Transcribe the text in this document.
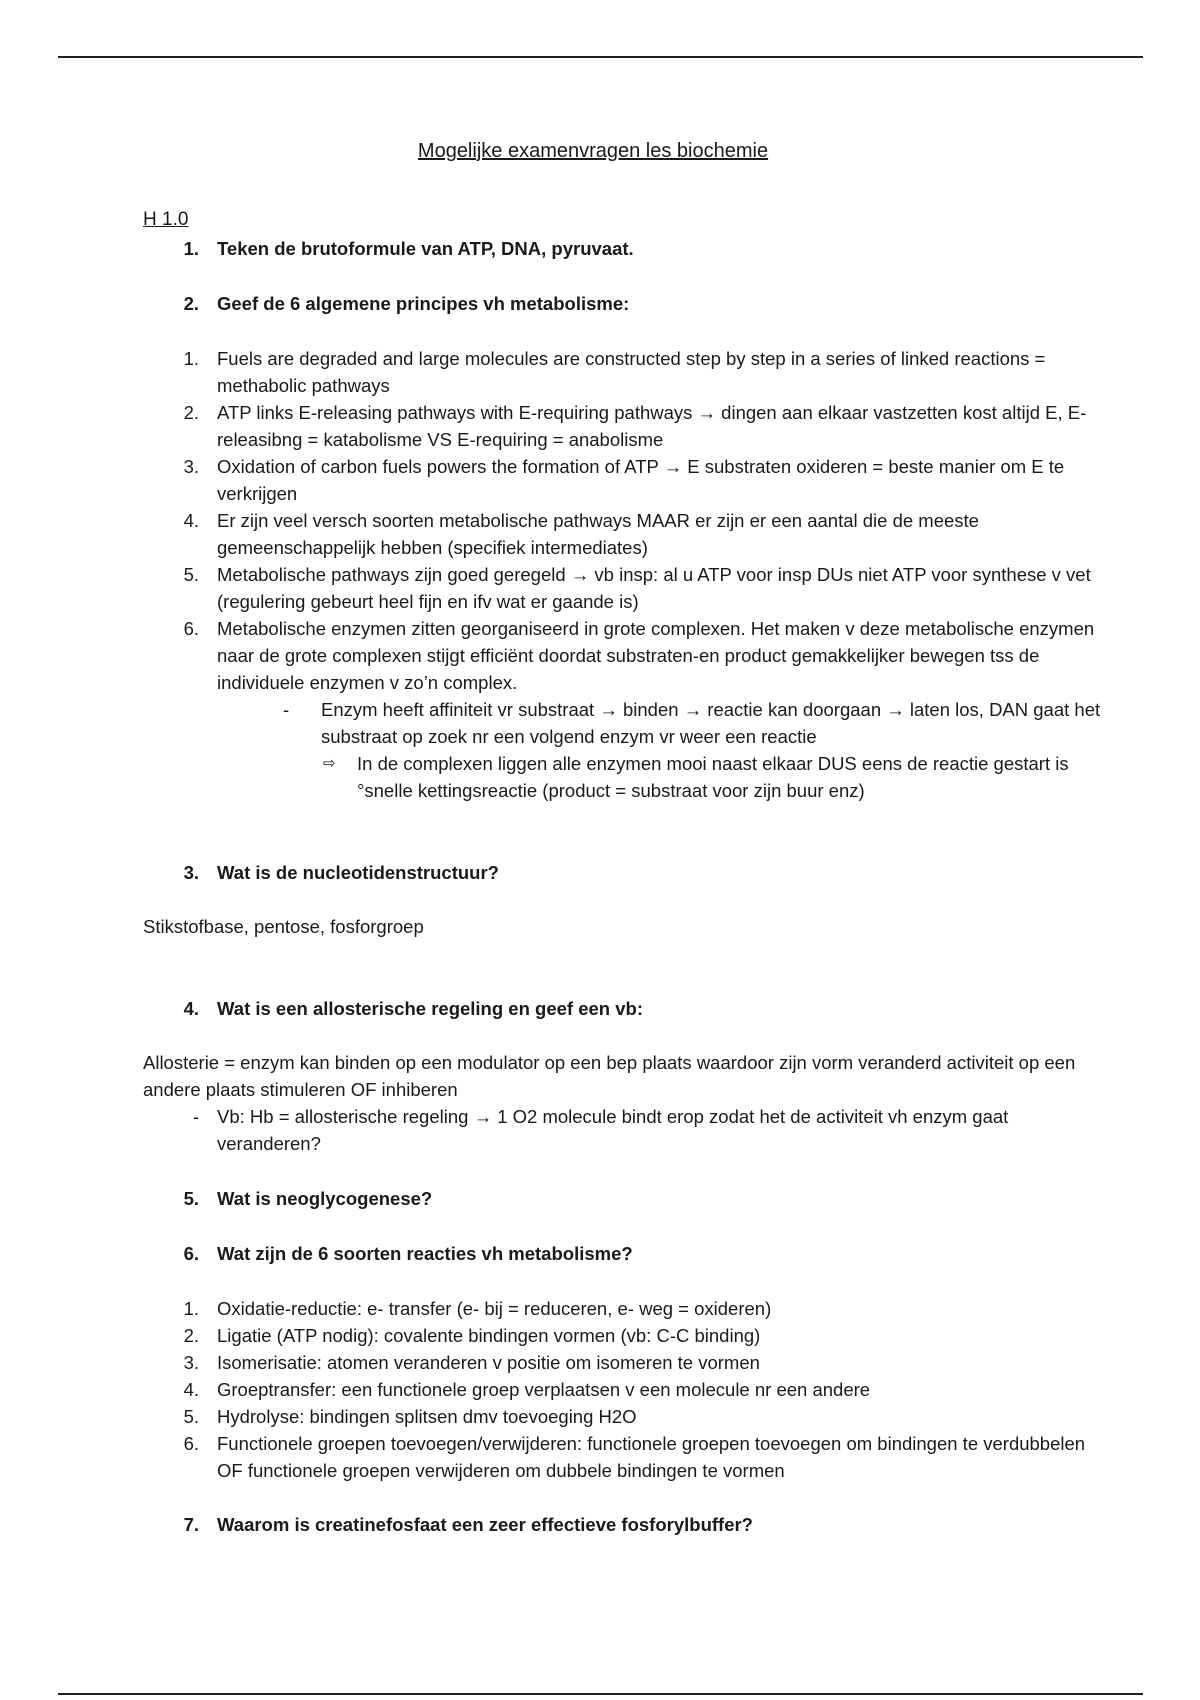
Mogelijke examenvragen les biochemie
H 1.0
1. Teken de brutoformule van ATP, DNA, pyruvaat.
2. Geef de 6 algemene principes vh metabolisme:
1. Fuels are degraded and large molecules are constructed step by step in a series of linked reactions = methabolic pathways
2. ATP links E-releasing pathways with E-requiring pathways → dingen aan elkaar vastzetten kost altijd E, E-releasibng = katabolisme VS E-requiring = anabolisme
3. Oxidation of carbon fuels powers the formation of ATP → E substraten oxideren = beste manier om E te verkrijgen
4. Er zijn veel versch soorten metabolische pathways MAAR er zijn er een aantal die de meeste gemeenschappelijk hebben (specifiek intermediates)
5. Metabolische pathways zijn goed geregeld → vb insp: al u ATP voor insp DUs niet ATP voor synthese v vet (regulering gebeurt heel fijn en ifv wat er gaande is)
6. Metabolische enzymen zitten georganiseerd in grote complexen. Het maken v deze metabolische enzymen naar de grote complexen stijgt efficiënt doordat substraten-en product gemakkelijker bewegen tss de individuele enzymen v zo’n complex.
-	Enzym heeft affiniteit vr substraat → binden → reactie kan doorgaan → laten los, DAN gaat het substraat op zoek nr een volgend enzym vr weer een reactie
⇨	In de complexen liggen alle enzymen mooi naast elkaar DUS eens de reactie gestart is °snelle kettingsreactie (product = substraat voor zijn buur enz)
3. Wat is de nucleotidenstructuur?

Stikstofbase, pentose, fosforgroep

4. Wat is een allosterische regeling en geef een vb:

Allosterie = enzym kan binden op een modulator op een bep plaats waardoor zijn vorm veranderd activiteit op een andere plaats stimuleren OF inhiberen

- Vb: Hb = allosterische regeling → 1 O2 molecule bindt erop zodat het de activiteit vh enzym gaat veranderen?
5. Wat is neoglycogenese?
6. Wat zijn de 6 soorten reacties vh metabolisme?
1. Oxidatie-reductie: e- transfer (e- bij = reduceren, e- weg = oxideren)
2. Ligatie (ATP nodig): covalente bindingen vormen (vb: C-C binding)
3. Isomerisatie: atomen veranderen v positie om isomeren te vormen
4. Groeptransfer: een functionele groep verplaatsen v een molecule nr een andere
5. Hydrolyse: bindingen splitsen dmv toevoeging H2O
6. Functionele groepen toevoegen/verwijderen: functionele groepen toevoegen om bindingen te verdubbelen OF functionele groepen verwijderen om dubbele bindingen te vormen
7. Waarom is creatinefosfaat een zeer effectieve fosforylbuffer?
